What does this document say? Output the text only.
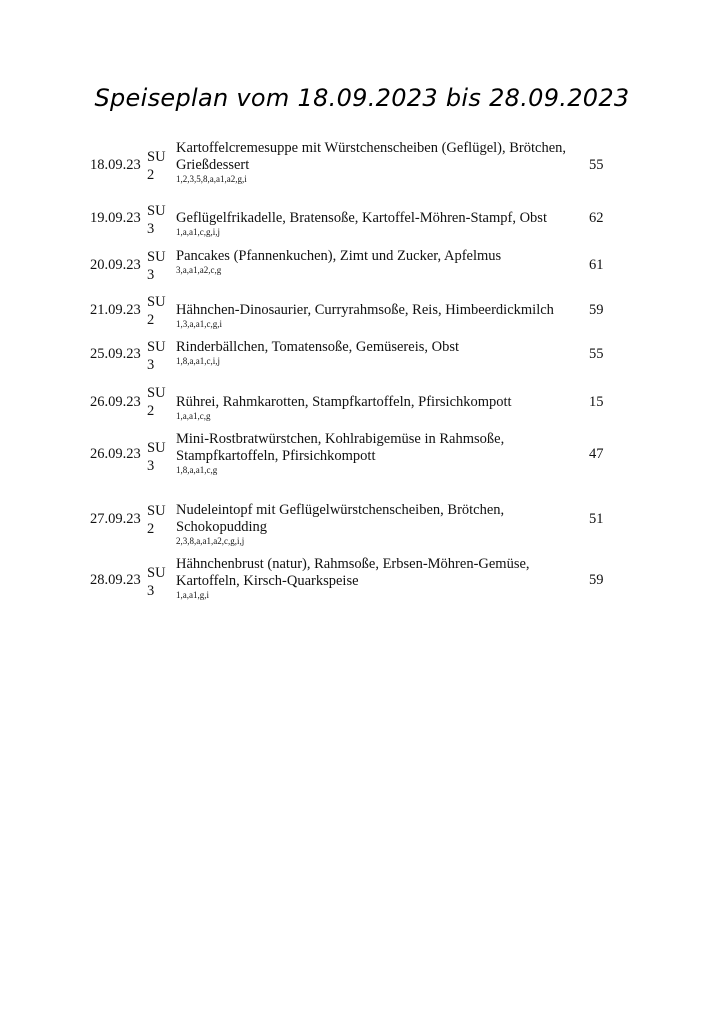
Speiseplan vom 18.09.2023 bis 28.09.2023
18.09.23 SU
2
Kartoffelcremesuppe mit Würstchenscheiben (Geflügel), Brötchen, Grießdessert
1,2,3,5,8,a,a1,a2,g,i
55
19.09.23 SU
3
Geflügelfrikadelle, Bratensoße, Kartoffel-Möhren-Stampf, Obst
1,a,a1,c,g,i,j
62
20.09.23 SU
3
Pancakes (Pfannenkuchen), Zimt und Zucker, Apfelmus
3,a,a1,a2,c,g	61
21.09.23 SU
2
Hähnchen-Dinosaurier, Curryrahmsoße, Reis, Himbeerdickmilch
1,3,a,a1,c,g,i
59
25.09.23 SU
3
Rinderbällchen, Tomatensoße, Gemüsereis, Obst
1,8,a,a1,c,i,j	55
26.09.23
SU
2
Rührei, Rahmkarotten, Stampfkartoffeln, Pfirsichkompott
1,a,a1,c,g
15
26.09.23 SU
3
Mini-Rostbratwürstchen, Kohlrabigemüse in Rahmsoße, Stampfkartoffeln, Pfirsichkompott
1,8,a,a1,c,g
47
27.09.23 SU
2
Nudeleintopf mit Geflügelwürstchenscheiben, Brötchen, Schokopudding
2,3,8,a,a1,a2,c,g,i,j
51
28.09.23 SU
3
Hähnchenbrust (natur), Rahmsoße, Erbsen-Möhren-Gemüse, Kartoffeln, Kirsch-Quarkspeise
1,a,a1,g,i
59
